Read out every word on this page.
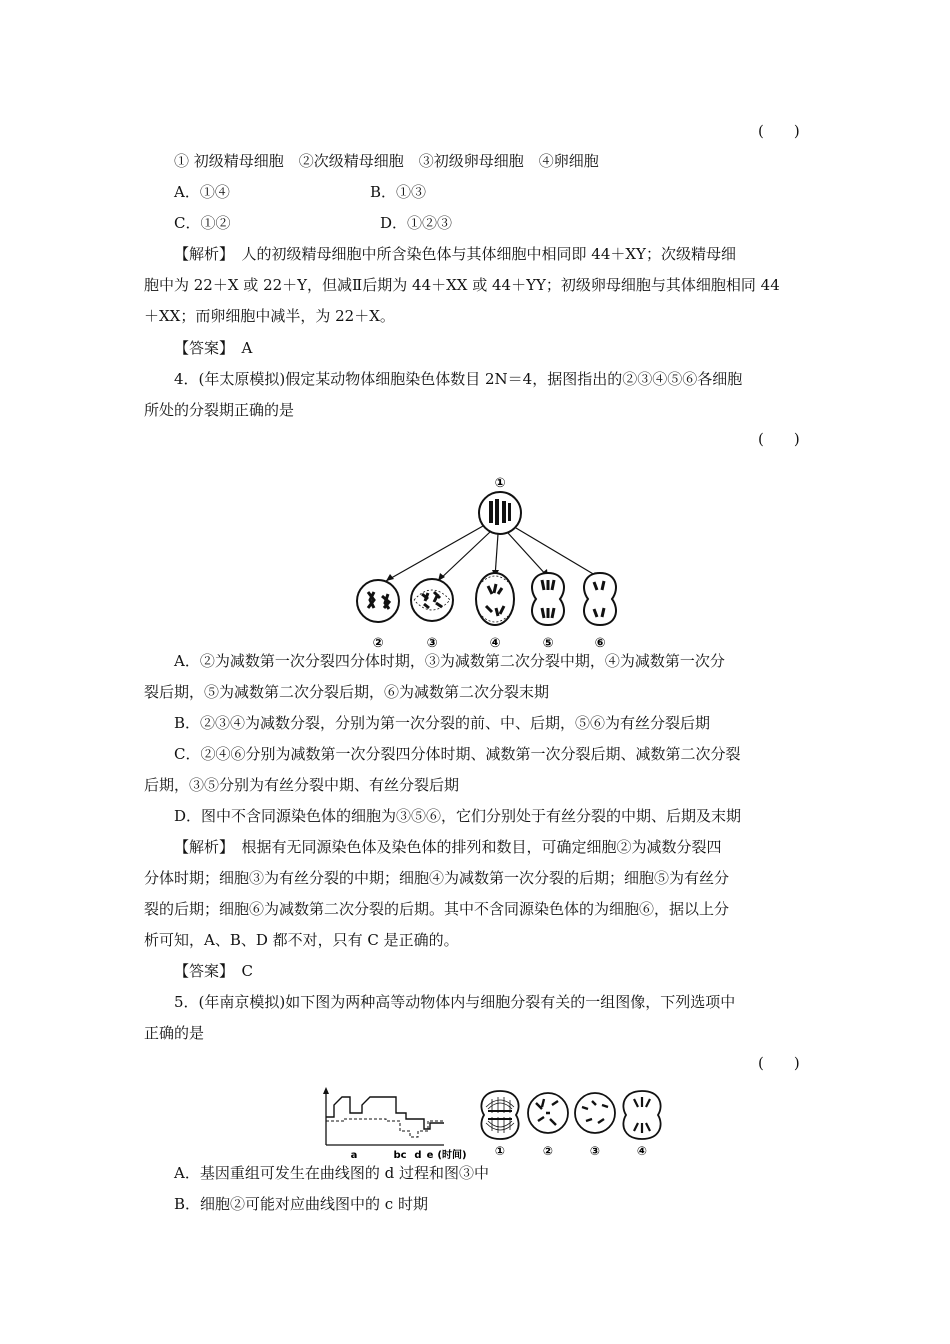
(　　)
① 初级精母细胞　②次级精母细胞　③初级卵母细胞　④卵细胞
A．①④	B．①③
C．①②	D．①②③
【解析】　人的初级精母细胞中所含染色体与其体细胞中相同即 44＋XY；次级精母细
胞中为 22＋X 或 22＋Y，但减Ⅱ后期为 44＋XX 或 44＋YY；初级卵母细胞与其体细胞相同 44
＋XX；而卵细胞中减半，为 22＋X。
【答案】　A
4．(年太原模拟)假定某动物体细胞染色体数目 2N＝4，据图指出的②③④⑤⑥各细胞
所处的分裂期正确的是
(　　)
①
②	③	④	⑤	⑥
A．②为减数第一次分裂四分体时期，③为减数第二次分裂中期，④为减数第一次分
裂后期，⑤为减数第二次分裂后期，⑥为减数第二次分裂末期
B．②③④为减数分裂，分别为第一次分裂的前、中、后期，⑤⑥为有丝分裂后期
C．②④⑥分别为减数第一次分裂四分体时期、减数第一次分裂后期、减数第二次分裂
后期，③⑤分别为有丝分裂中期、有丝分裂后期
D．图中不含同源染色体的细胞为③⑤⑥，它们分别处于有丝分裂的中期、后期及末期
【解析】　根据有无同源染色体及染色体的排列和数目，可确定细胞②为减数分裂四
分体时期；细胞③为有丝分裂的中期；细胞④为减数第一次分裂的后期；细胞⑤为有丝分
裂的后期；细胞⑥为减数第二次分裂的后期。其中不含同源染色体的为细胞⑥，据以上分
析可知，A、B、D 都不对，只有 C 是正确的。
【答案】　C
5．(年南京模拟)如下图为两种高等动物体内与细胞分裂有关的一组图像，下列选项中
正确的是
(　　)
a	bc d e (时间) ①	②	③	④
A．基因重组可发生在曲线图的 d 过程和图③中
B．细胞②可能对应曲线图中的 c 时期
